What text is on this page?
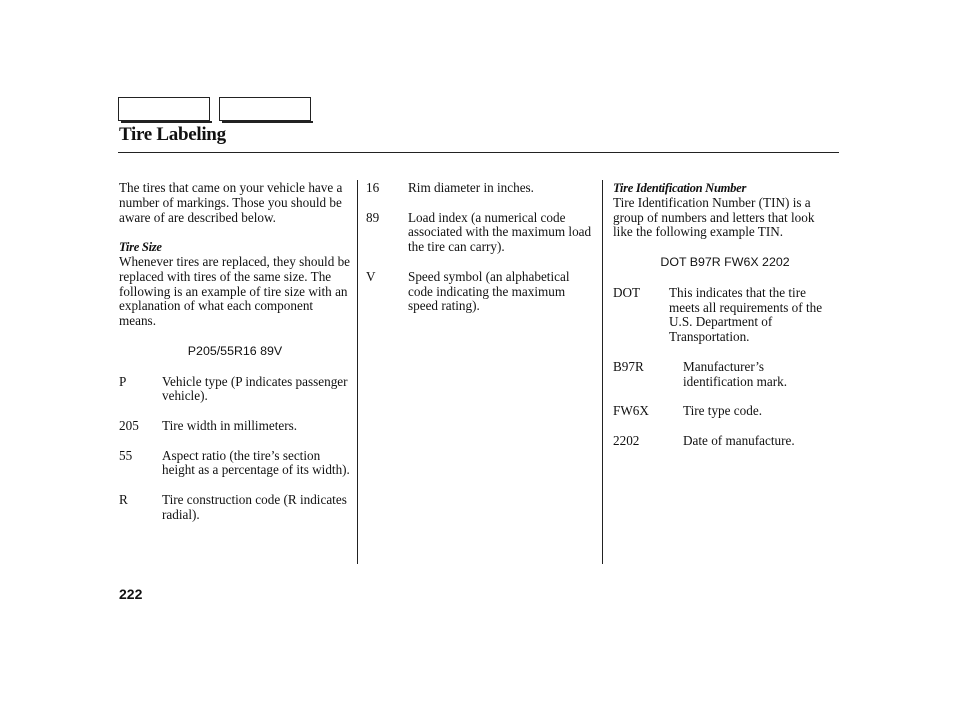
Tire Labeling

The tires that came on your vehicle have a number of markings. Those you should be aware of are described below.

Tire Size

Whenever tires are replaced, they should be replaced with tires of the same size. The following is an example of tire size with an explanation of what each component means.

P205/55R16 89V

P	Vehicle type (P indicates passenger vehicle).
205	Tire width in millimeters.
55	Aspect ratio (the tire’s section height as a percentage of its width).
R	Tire construction code (R indicates radial).
16	Rim diameter in inches.
89	Load index (a numerical code associated with the maximum load the tire can carry).
V	Speed symbol (an alphabetical code indicating the maximum speed rating).

Tire Identification Number

Tire Identification Number (TIN) is a group of numbers and letters that look like the following example TIN.

DOT B97R FW6X 2202

DOT	This indicates that the tire meets all requirements of the U.S. Department of Transportation.
B97R	Manufacturer’s identification mark.
FW6X	Tire type code.
2202	Date of manufacture.
222
